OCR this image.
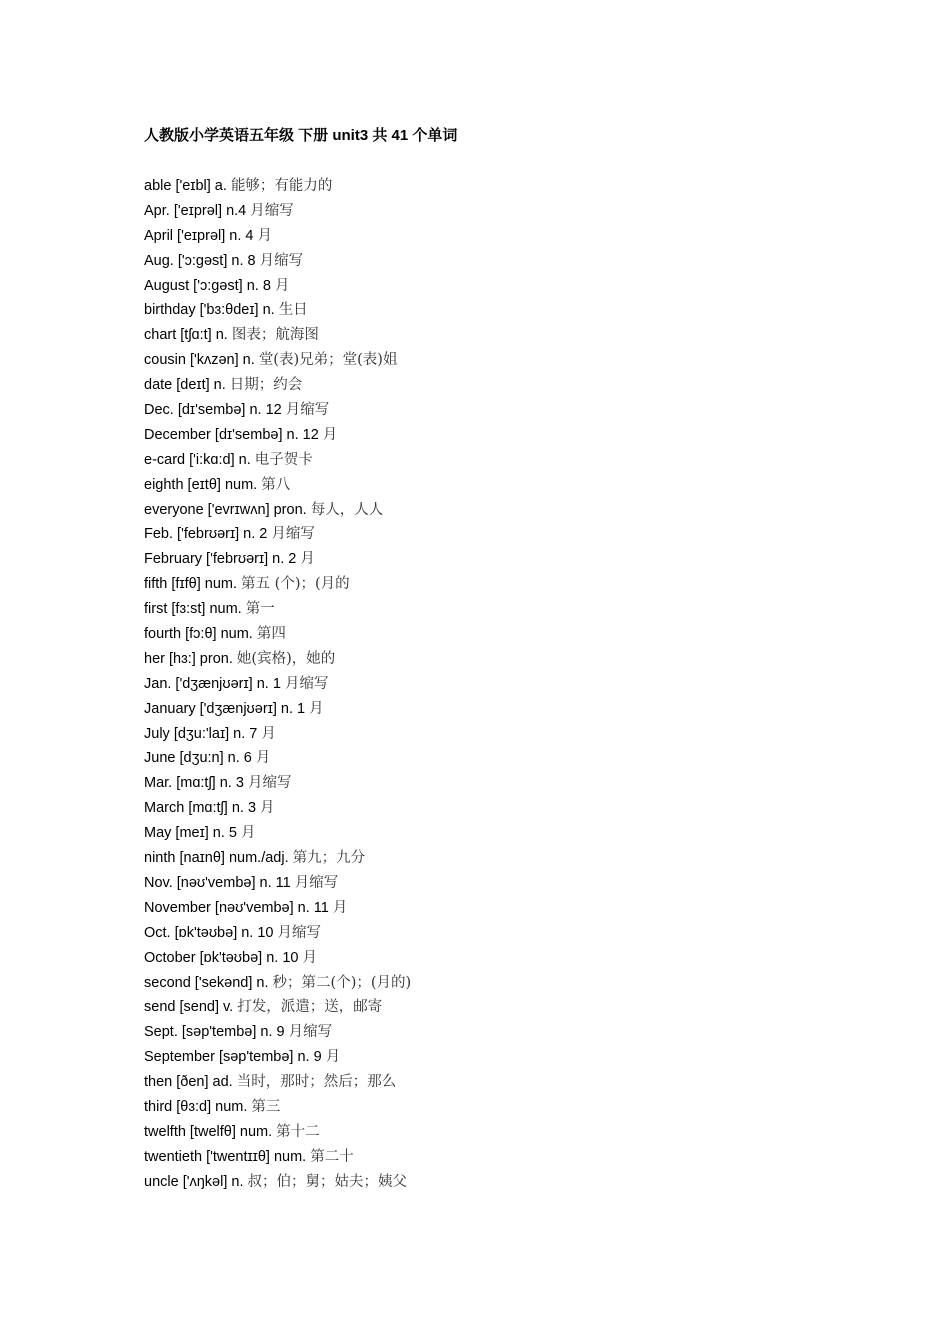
人教版小学英语五年级 下册 unit3 共 41 个单词
able ['eɪbl] a. 能够；有能力的
Apr. ['eɪprəl] n.4 月缩写
April ['eɪprəl] n. 4 月
Aug. ['ɔ:gəst] n. 8 月缩写
August ['ɔ:gəst] n. 8 月
birthday ['bɜ:θdeɪ] n. 生日
chart [tʃɑ:t] n. 图表；航海图
cousin ['kʌzən] n. 堂(表)兄弟；堂(表)姐
date [deɪt] n. 日期；约会
Dec. [dɪ'sembə] n. 12 月缩写
December [dɪ'sembə] n. 12 月
e-card ['i:kɑ:d] n. 电子贺卡
eighth [eɪtθ] num. 第八
everyone ['evrɪwʌn] pron. 每人，人人
Feb. ['febrʊərɪ] n. 2 月缩写
February ['febrʊərɪ] n. 2 月
fifth [fɪfθ] num. 第五 (个)；(月的
first [fɜ:st] num. 第一
fourth [fɔ:θ] num. 第四
her [hɜ:] pron. 她(宾格)，她的
Jan. ['dʒænjʊərɪ] n. 1 月缩写
January ['dʒænjʊərɪ] n. 1 月
July [dʒu:'laɪ] n. 7 月
June [dʒu:n] n. 6 月
Mar. [mɑ:tʃ] n. 3 月缩写
March [mɑ:tʃ] n. 3 月
May [meɪ] n. 5 月
ninth [naɪnθ] num./adj. 第九；九分
Nov. [nəʊ'vembə] n. 11 月缩写
November [nəʊ'vembə] n. 11 月
Oct. [ɒk'təʊbə] n. 10 月缩写
October [ɒk'təʊbə] n. 10 月
second ['sekənd] n. 秒；第二(个)；(月的)
send [send] v. 打发，派遣；送，邮寄
Sept. [səp'tembə] n. 9 月缩写
September [səp'tembə] n. 9 月
then [ðen] ad. 当时，那时；然后；那么
third [θɜ:d] num. 第三
twelfth [twelfθ] num. 第十二
twentieth ['twentɪɪθ] num. 第二十
uncle ['ʌŋkəl] n. 叔；伯；舅；姑夫；姨父
